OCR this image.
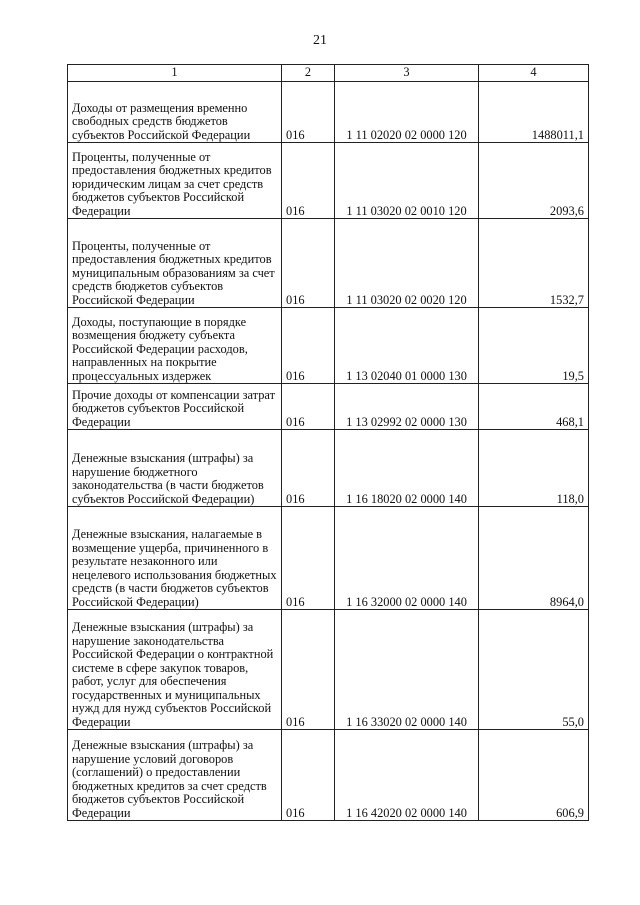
21
1	2	3	4
Доходы от размещения временно свободных средств бюджетов субъектов Российской Федерации	016	1 11 02020 02 0000 120	1488011,1
Проценты, полученные от предоставления бюджетных кредитов юридическим лицам за счет средств бюджетов субъектов Российской Федерации	016	1 11 03020 02 0010 120	2093,6
Проценты, полученные от предоставления бюджетных кредитов муниципальным образованиям за счет средств бюджетов субъектов Российской Федерации	016	1 11 03020 02 0020 120	1532,7
Доходы, поступающие в порядке возмещения бюджету субъекта Российской Федерации расходов, направленных на покрытие процессуальных издержек	016	1 13 02040 01 0000 130	19,5
Прочие доходы от компенсации затрат бюджетов субъектов Российской Федерации	016	1 13 02992 02 0000 130	468,1
Денежные взыскания (штрафы) за нарушение бюджетного законодательства (в части бюджетов субъектов Российской Федерации)	016	1 16 18020 02 0000 140	118,0
Денежные взыскания, налагаемые в возмещение ущерба, причиненного в результате незаконного или нецелевого использования бюджетных средств (в части бюджетов субъектов Российской Федерации)	016	1 16 32000 02 0000 140	8964,0
Денежные взыскания (штрафы) за нарушение законодательства Российской Федерации о контрактной системе в сфере закупок товаров, работ, услуг для обеспечения государственных и муниципальных нужд для нужд субъектов Российской Федерации	016	1 16 33020 02 0000 140	55,0
Денежные взыскания (штрафы) за нарушение условий договоров (соглашений) о предоставлении бюджетных кредитов за счет средств бюджетов субъектов Российской Федерации	016	1 16 42020 02 0000 140	606,9
